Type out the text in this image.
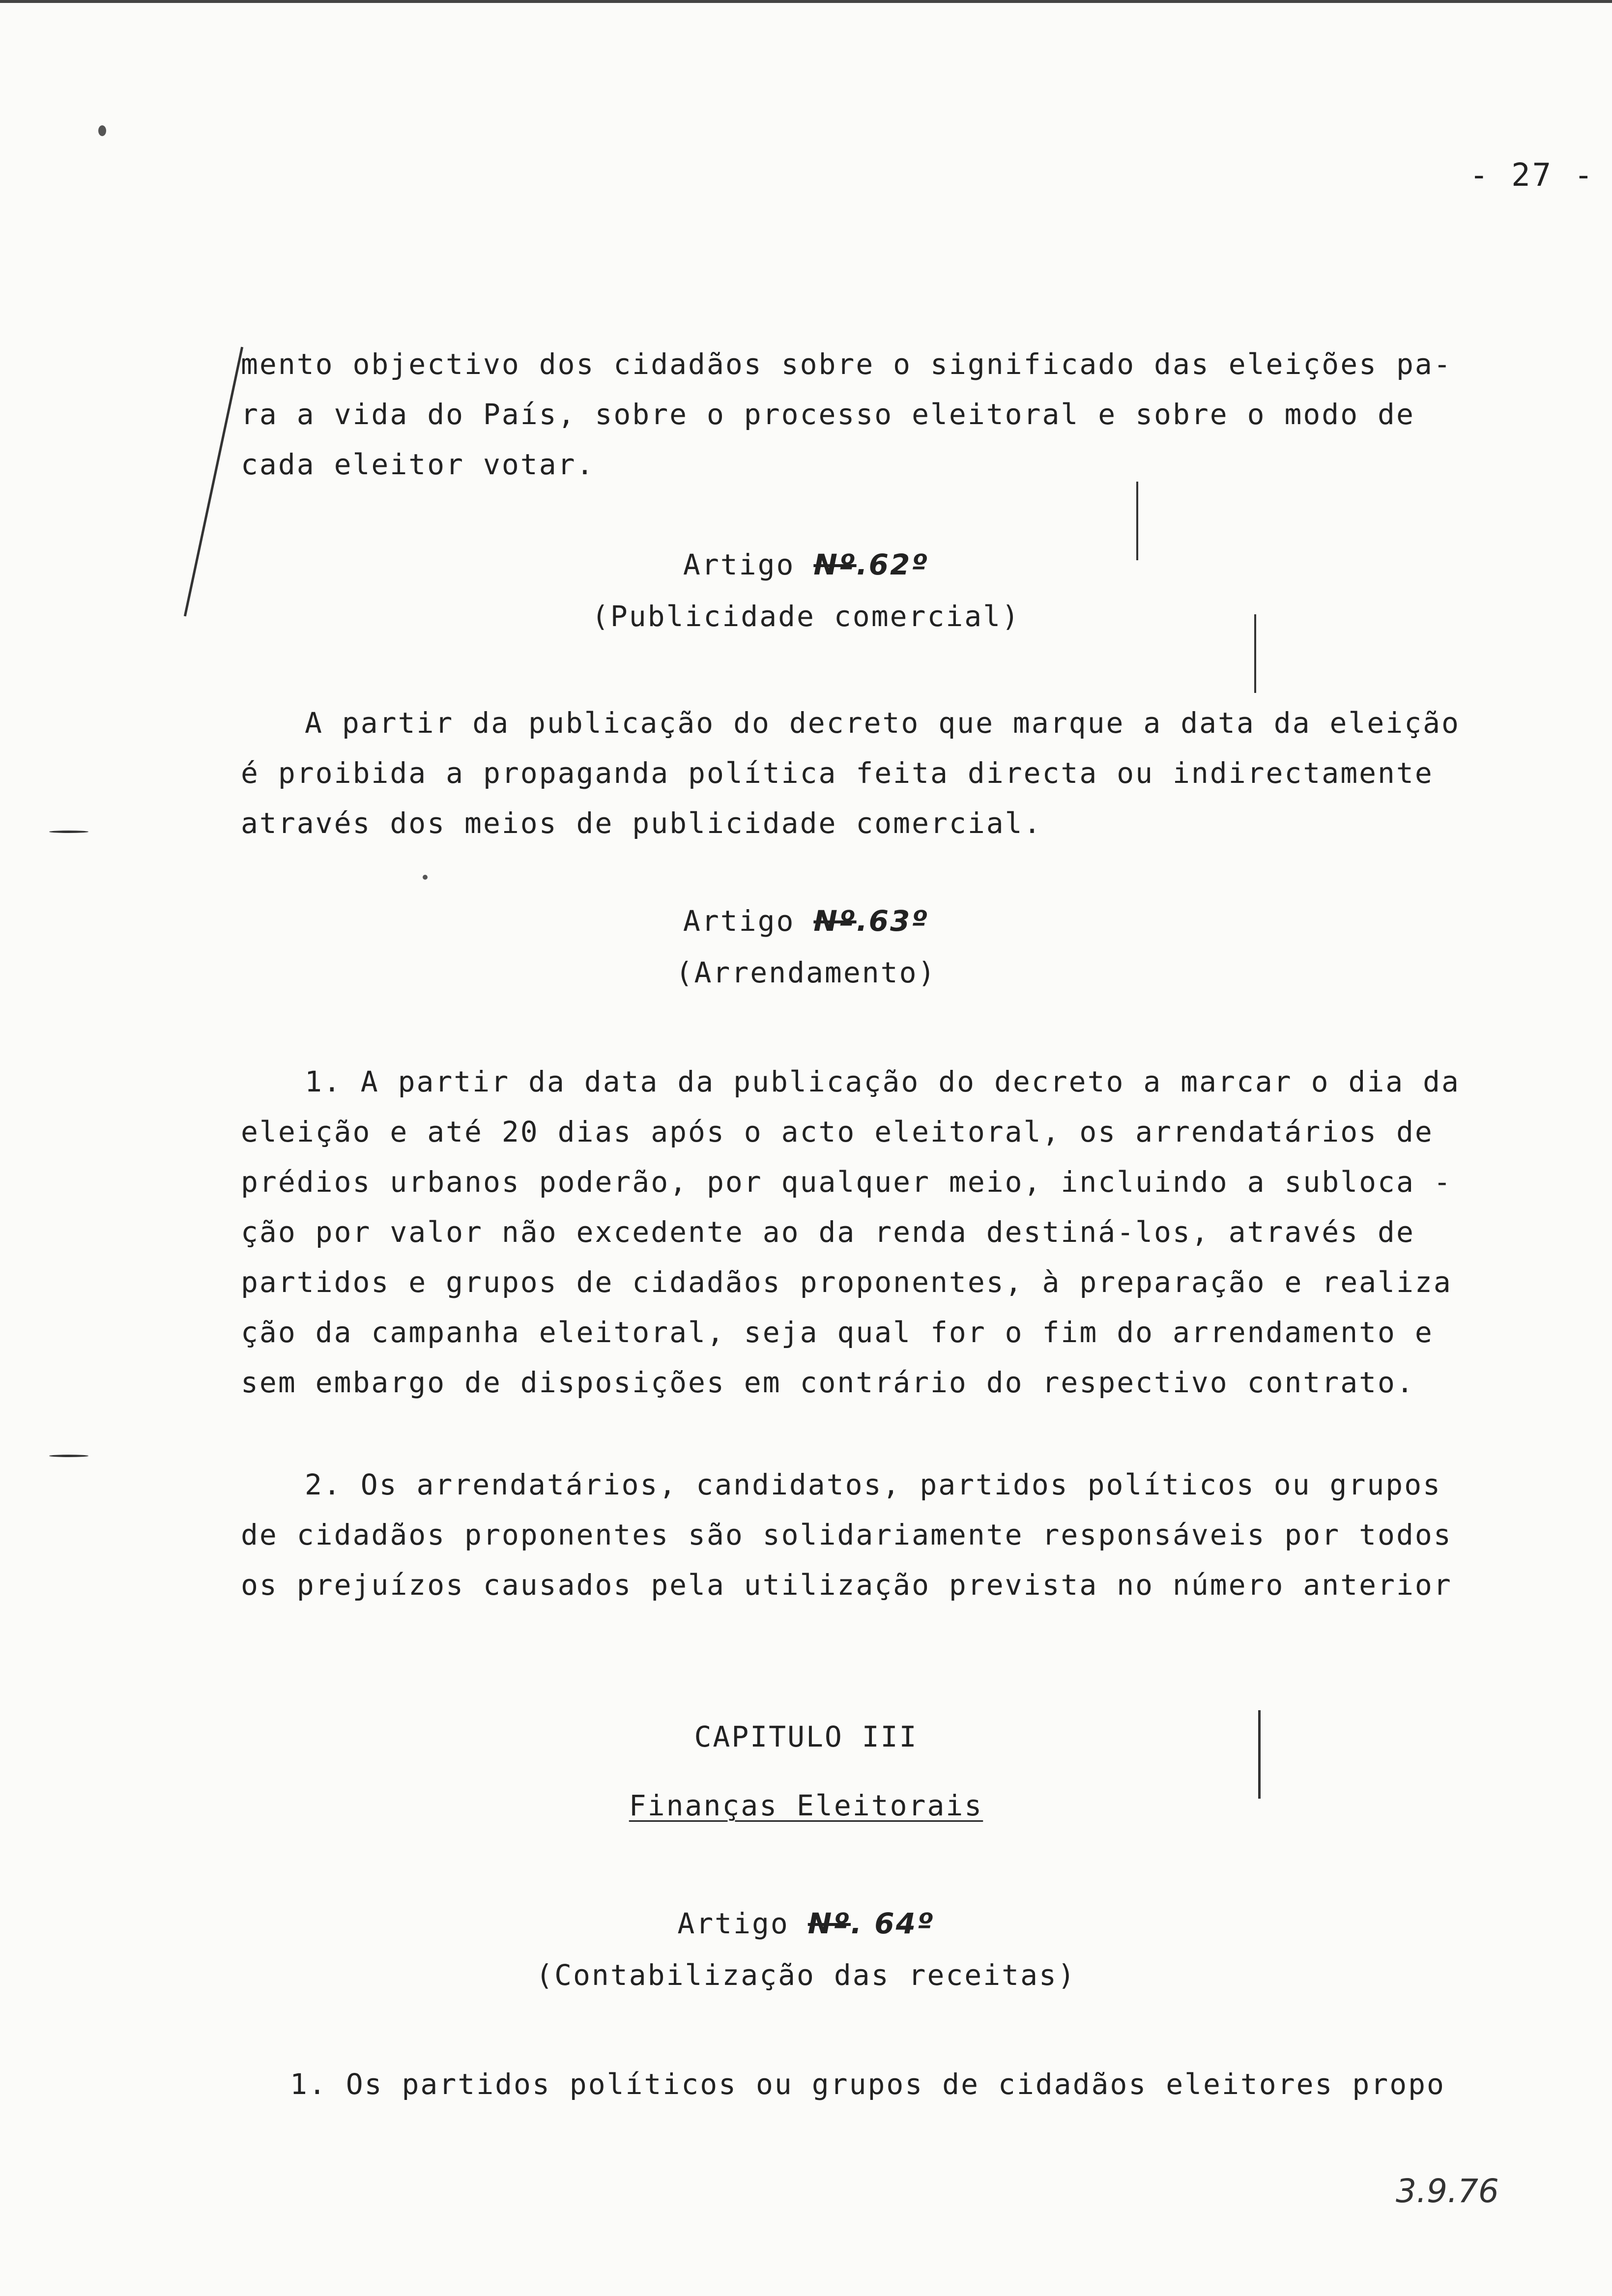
- 27 -

mento objectivo dos cidadãos sobre o significado das eleições pa-
ra a vida do País, sobre o processo eleitoral e sobre o modo de
cada eleitor votar.

Artigo Nº.62º
(Publicidade comercial)

A partir da publicação do decreto que marque a data da eleição
é proibida a propaganda política feita directa ou indirectamente
através dos meios de publicidade comercial.

Artigo Nº.63º
(Arrendamento)

1. A partir da data da publicação do decreto a marcar o dia da
eleição e até 20 dias após o acto eleitoral, os arrendatários de
prédios urbanos poderão, por qualquer meio, incluindo a subloca -
ção por valor não excedente ao da renda destiná-los, através de
partidos e grupos de cidadãos proponentes, à preparação e realiza
ção da campanha eleitoral, seja qual for o fim do arrendamento e
sem embargo de disposições em contrário do respectivo contrato.

2. Os arrendatários, candidatos, partidos políticos ou grupos
de cidadãos proponentes são solidariamente responsáveis por todos
os prejuízos causados pela utilização prevista no número anterior

CAPITULO III
Finanças Eleitorais
Artigo Nº. 64º
(Contabilização das receitas)

1. Os partidos políticos ou grupos de cidadãos eleitores propo

3.9.76
